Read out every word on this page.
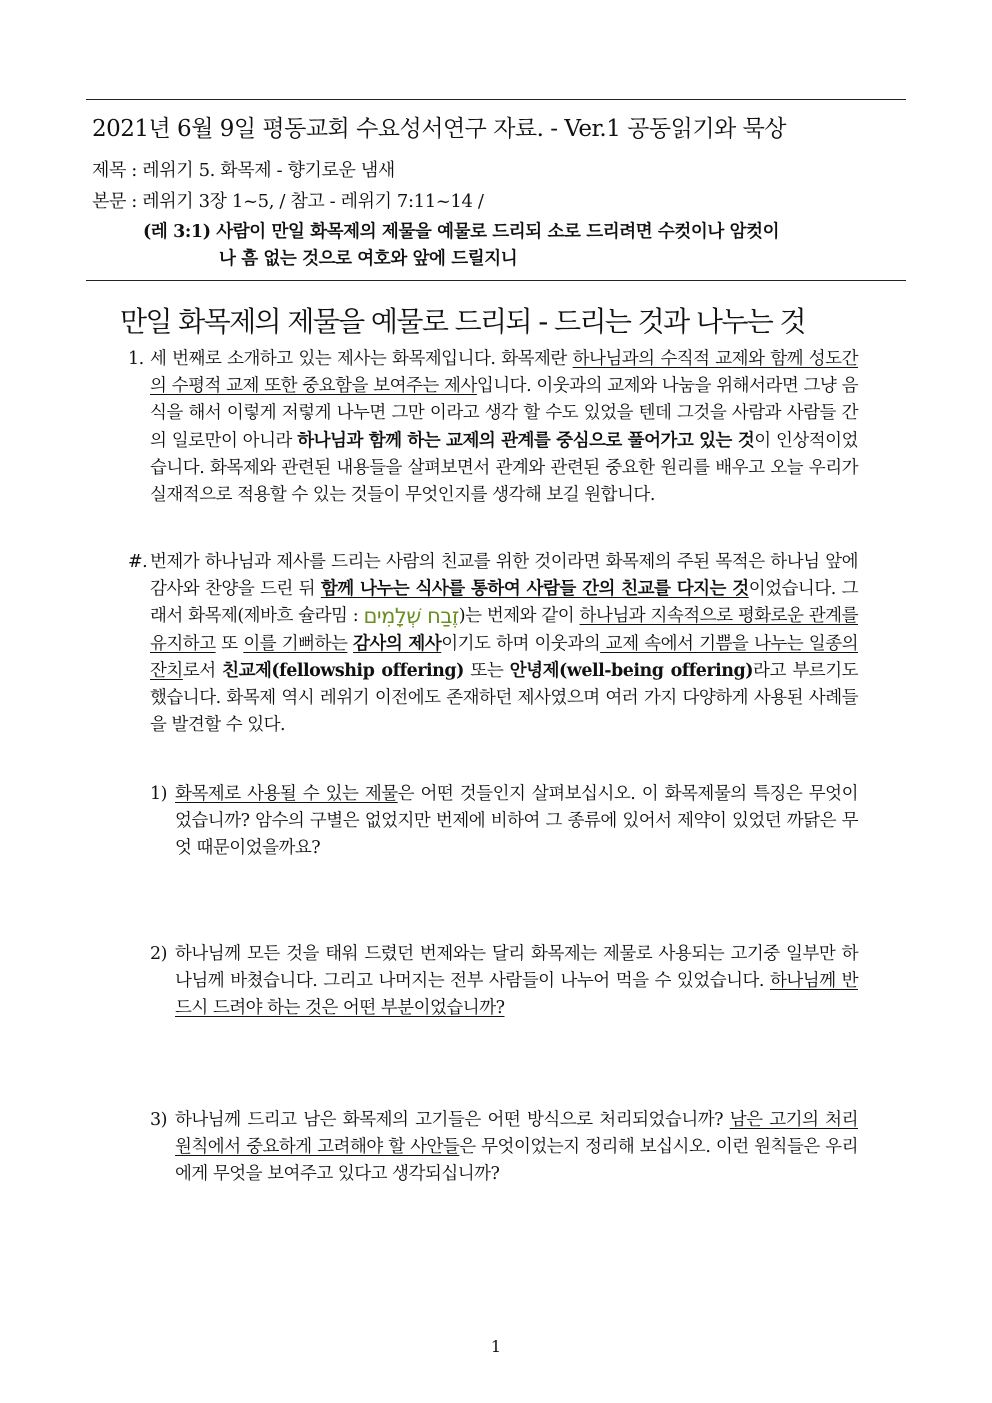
2021년 6월 9일 평동교회 수요성서연구 자료. - Ver.1 공동읽기와 묵상
제목 : 레위기 5. 화목제 - 향기로운 냄새
본문 : 레위기 3장 1~5, / 참고 - 레위기 7:11~14 /
(레 3:1) 사람이 만일 화목제의 제물을 예물로 드리되 소로 드리려면 수컷이나 암컷이
나 흠 없는 것으로 여호와 앞에 드릴지니
만일 화목제의 제물을 예물로 드리되 - 드리는 것과 나누는 것
1. 세 번째로 소개하고 있는 제사는 화목제입니다. 화목제란 하나님과의 수직적 교제와 함께 성도간의 수평적 교제 또한 중요함을 보여주는 제사입니다. 이웃과의 교제와 나눔을 위해서라면 그냥 음식을 해서 이렇게 저렇게 나누면 그만 이라고 생각 할 수도 있었을 텐데 그것을 사람과 사람들 간의 일로만이 아니라 하나님과 함께 하는 교제의 관계를 중심으로 풀어가고 있는 것이 인상적이었습니다. 화목제와 관련된 내용들을 살펴보면서 관계와 관련된 중요한 원리를 배우고 오늘 우리가 실재적으로 적용할 수 있는 것들이 무엇인지를 생각해 보길 원합니다.
#. 번제가 하나님과 제사를 드리는 사람의 친교를 위한 것이라면 화목제의 주된 목적은 하나님 앞에 감사와 찬양을 드린 뒤 함께 나누는 식사를 통하여 사람들 간의 친교를 다지는 것이었습니다. 그래서 화목제(제바흐 슐라밈 : זֶבַח שְׁלָמִים)는 번제와 같이 하나님과 지속적으로 평화로운 관계를 유지하고 또 이를 기뻐하는 감사의 제사이기도 하며 이웃과의 교제 속에서 기쁨을 나누는 일종의 잔치로서 친교제(fellowship offering) 또는 안녕제(well-being offering)라고 부르기도 했습니다. 화목제 역시 레위기 이전에도 존재하던 제사였으며 여러 가지 다양하게 사용된 사례들을 발견할 수 있다.
1) 화목제로 사용될 수 있는 제물은 어떤 것들인지 살펴보십시오. 이 화목제물의 특징은 무엇이었습니까? 암수의 구별은 없었지만 번제에 비하여 그 종류에 있어서 제약이 있었던 까닭은 무엇 때문이었을까요?
2) 하나님께 모든 것을 태워 드렸던 번제와는 달리 화목제는 제물로 사용되는 고기중 일부만 하나님께 바쳤습니다. 그리고 나머지는 전부 사람들이 나누어 먹을 수 있었습니다. 하나님께 반드시 드려야 하는 것은 어떤 부분이었습니까?
3) 하나님께 드리고 남은 화목제의 고기들은 어떤 방식으로 처리되었습니까? 남은 고기의 처리 원칙에서 중요하게 고려해야 할 사안들은 무엇이었는지 정리해 보십시오. 이런 원칙들은 우리에게 무엇을 보여주고 있다고 생각되십니까?
1
